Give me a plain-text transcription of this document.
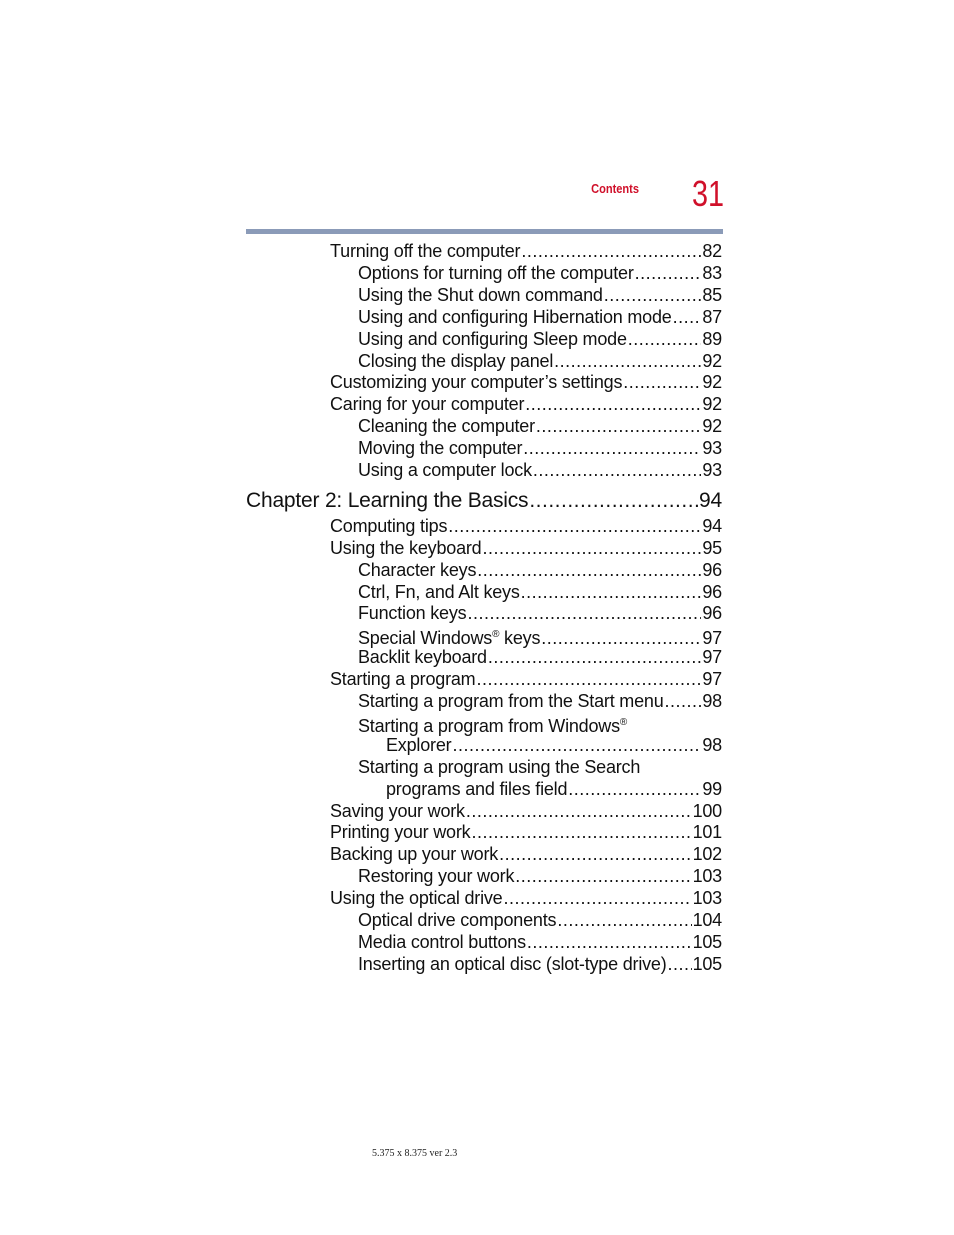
Contents	31
Turning off the computer .....	82
Options for turning off the computer .....	83
Using the Shut down command .....	85
Using and configuring Hibernation mode ..... 87
Using and configuring Sleep mode .....	89
Closing the display panel .....	92
Customizing your computer’s settings .....	92
Caring for your computer .....	92
Cleaning the computer .....	92
Moving the computer .....	93
Using a computer lock .....	93
Chapter 2: Learning the Basics .....	94
Computing tips .....	94
Using the keyboard .....	95
Character keys .....	96
Ctrl, Fn, and Alt keys .....	96
Function keys .....	96
Special Windows® keys .....	97
Backlit keyboard .....	97
Starting a program .....	97
Starting a program from the Start menu ..... 98
Starting a program from Windows®
Explorer .....	98
Starting a program using the Search
programs and files field .....	99
Saving your work .....	100
Printing your work .....	101
Backing up your work .....	102
Restoring your work .....	103
Using the optical drive .....	103
Optical drive components .....	104
Media control buttons .....	105
Inserting an optical disc (slot-type drive) ..... 105
5.375 x 8.375 ver 2.3
